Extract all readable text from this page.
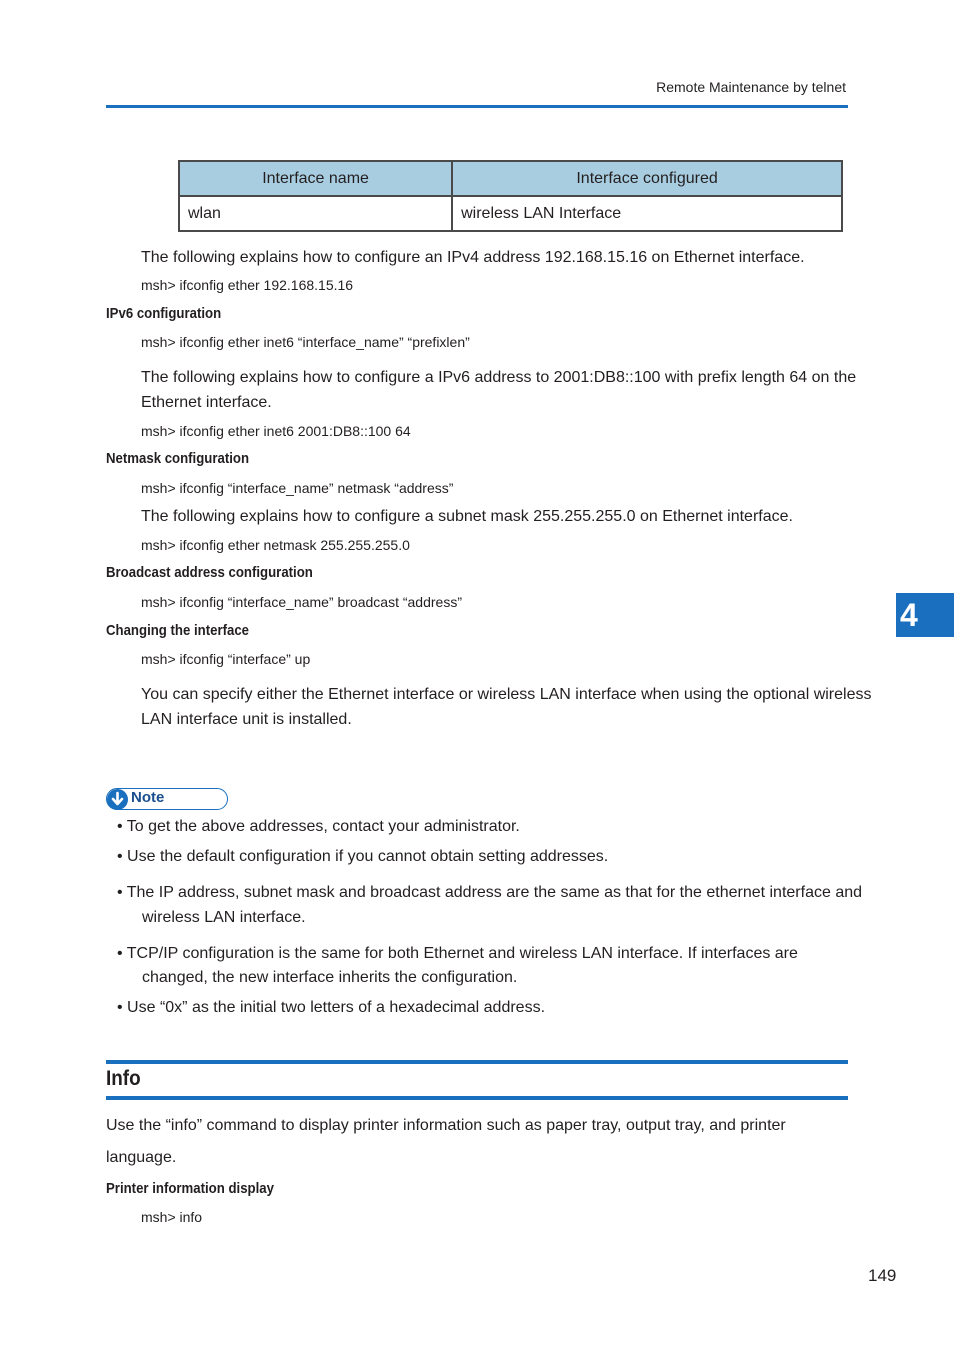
Remote Maintenance by telnet
Interface name	Interface configured
wlan	wireless LAN Interface
The following explains how to configure an IPv4 address 192.168.15.16 on Ethernet interface.
msh> ifconfig ether 192.168.15.16
IPv6 configuration
msh> ifconfig ether inet6 “interface_name” “prefixlen”
The following explains how to configure a IPv6 address to 2001:DB8::100 with prefix length 64 on the
Ethernet interface.
msh> ifconfig ether inet6 2001:DB8::100 64
Netmask configuration
msh> ifconfig “interface_name” netmask “address”
The following explains how to configure a subnet mask 255.255.255.0 on Ethernet interface.
msh> ifconfig ether netmask 255.255.255.0
Broadcast address configuration
msh> ifconfig “interface_name” broadcast “address”
Changing the interface
msh> ifconfig “interface” up
You can specify either the Ethernet interface or wireless LAN interface when using the optional wireless
LAN interface unit is installed.
4
Note
• To get the above addresses, contact your administrator.
• Use the default configuration if you cannot obtain setting addresses.
• The IP address, subnet mask and broadcast address are the same as that for the ethernet interface and
wireless LAN interface.
• TCP/IP configuration is the same for both Ethernet and wireless LAN interface. If interfaces are
changed, the new interface inherits the configuration.
• Use “0x” as the initial two letters of a hexadecimal address.
Info
Use the “info” command to display printer information such as paper tray, output tray, and printer
language.
Printer information display
msh> info
149
